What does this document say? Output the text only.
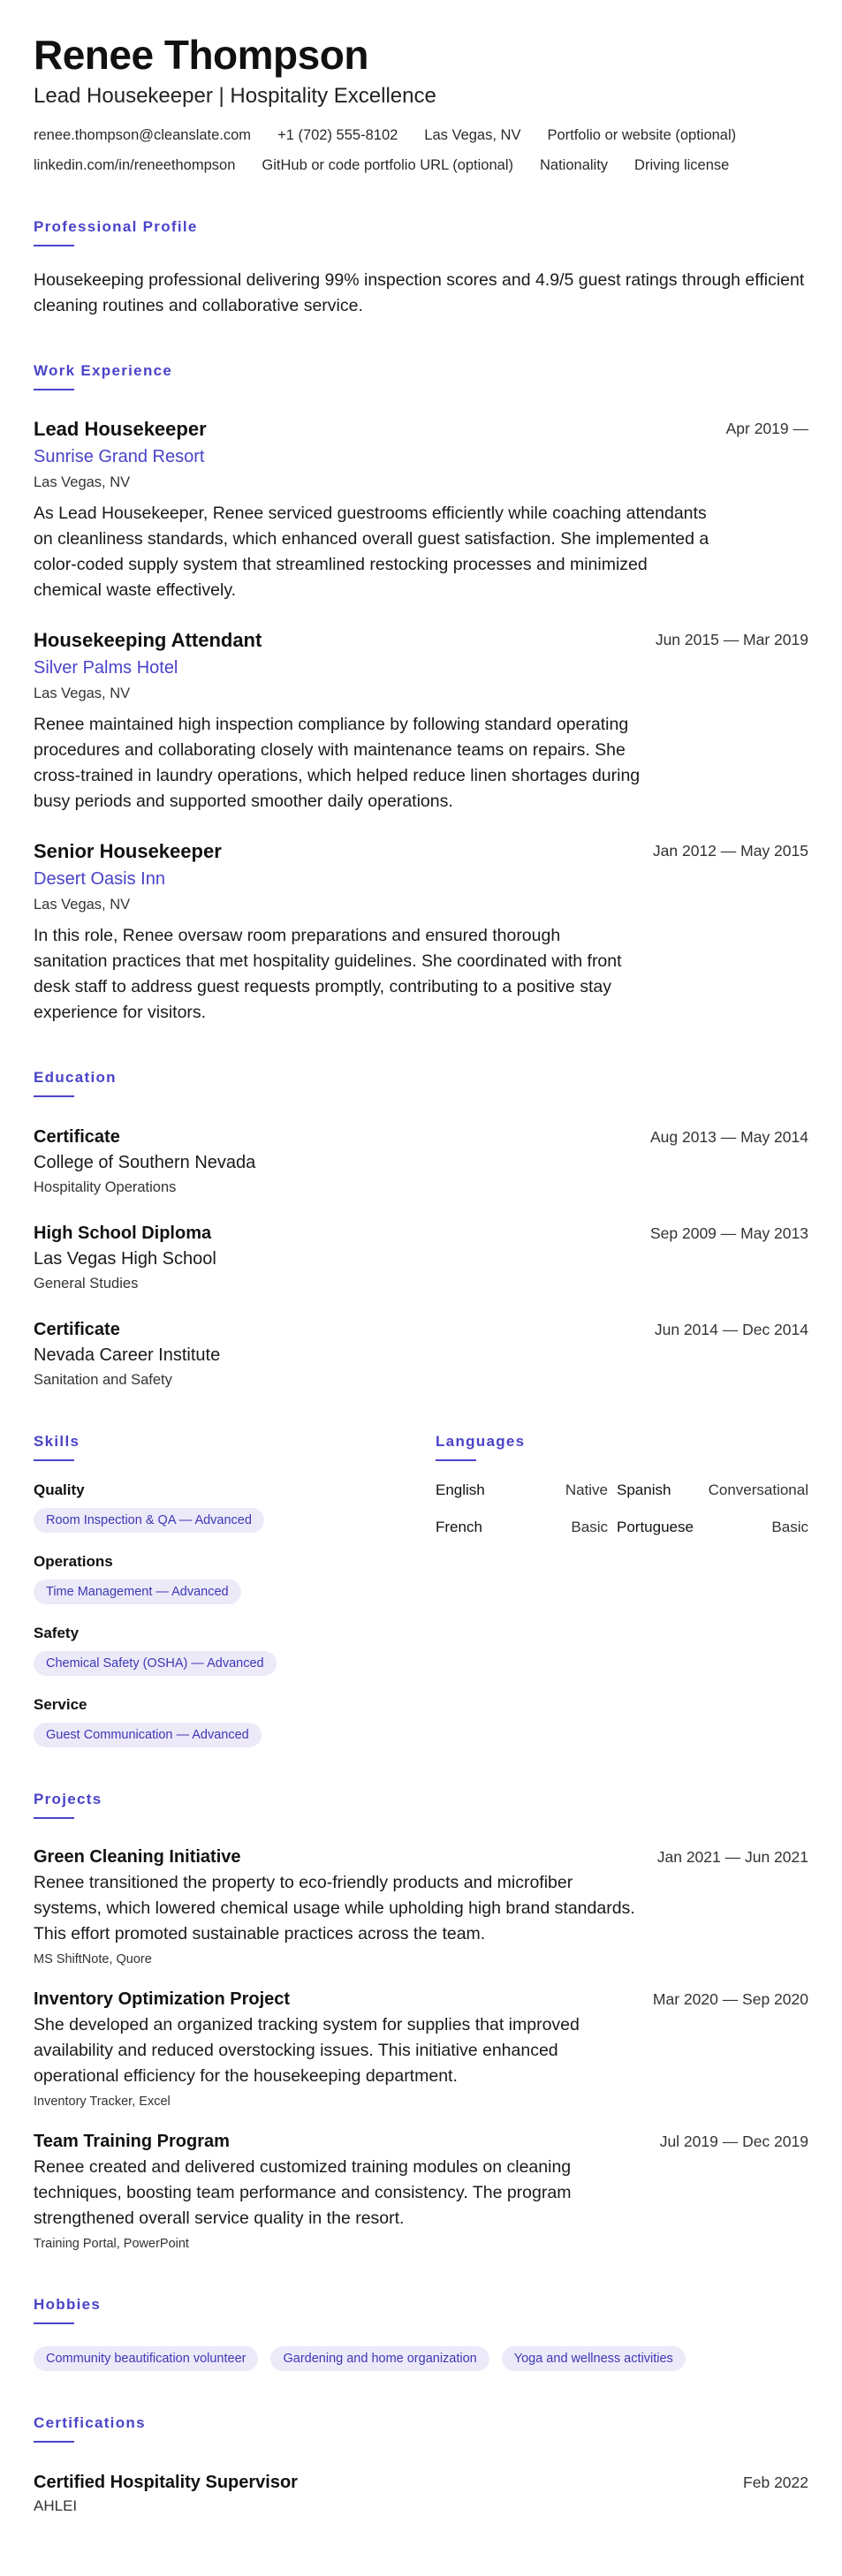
Renee Thompson
Lead Housekeeper | Hospitality Excellence
renee.thompson@cleanslate.com +1 (702) 555-8102 Las Vegas, NV Portfolio or website (optional)
linkedin.com/in/reneethompson GitHub or code portfolio URL (optional) Nationality Driving license
Professional Profile
Housekeeping professional delivering 99% inspection scores and 4.9/5 guest ratings through efficient cleaning routines and collaborative service.
Work Experience
Lead Housekeeper
Sunrise Grand Resort
Las Vegas, NV
As Lead Housekeeper, Renee serviced guestrooms efficiently while coaching attendants on cleanliness standards, which enhanced overall guest satisfaction. She implemented a color-coded supply system that streamlined restocking processes and minimized chemical waste effectively.
Apr 2019 —
Housekeeping Attendant
Silver Palms Hotel
Las Vegas, NV
Renee maintained high inspection compliance by following standard operating procedures and collaborating closely with maintenance teams on repairs. She cross-trained in laundry operations, which helped reduce linen shortages during busy periods and supported smoother daily operations.
Jun 2015 — Mar 2019
Senior Housekeeper
Desert Oasis Inn
Las Vegas, NV
In this role, Renee oversaw room preparations and ensured thorough sanitation practices that met hospitality guidelines. She coordinated with front desk staff to address guest requests promptly, contributing to a positive stay experience for visitors.
Jan 2012 — May 2015
Education
Certificate
College of Southern Nevada
Hospitality Operations
Aug 2013 — May 2014
High School Diploma
Las Vegas High School
General Studies
Sep 2009 — May 2013
Certificate
Nevada Career Institute
Sanitation and Safety
Jun 2014 — Dec 2014
Skills
Quality
Room Inspection & QA — Advanced
Operations
Time Management — Advanced
Safety
Chemical Safety (OSHA) — Advanced
Service
Guest Communication — Advanced
Languages
English	Native Spanish Conversational
French	Basic Portuguese	Basic
Projects
Green Cleaning Initiative
Renee transitioned the property to eco-friendly products and microfiber systems, which lowered chemical usage while upholding high brand standards. This effort promoted sustainable practices across the team.
MS ShiftNote, Quore
Jan 2021 — Jun 2021
Inventory Optimization Project
She developed an organized tracking system for supplies that improved availability and reduced overstocking issues. This initiative enhanced operational efficiency for the housekeeping department.
Inventory Tracker, Excel
Mar 2020 — Sep 2020
Team Training Program
Renee created and delivered customized training modules on cleaning techniques, boosting team performance and consistency. The program strengthened overall service quality in the resort.
Training Portal, PowerPoint
Jul 2019 — Dec 2019
Hobbies
Community beautification volunteer	Gardening and home organization	Yoga and wellness activities
Certifications
Certified Hospitality Supervisor
AHLEI
Feb 2022
